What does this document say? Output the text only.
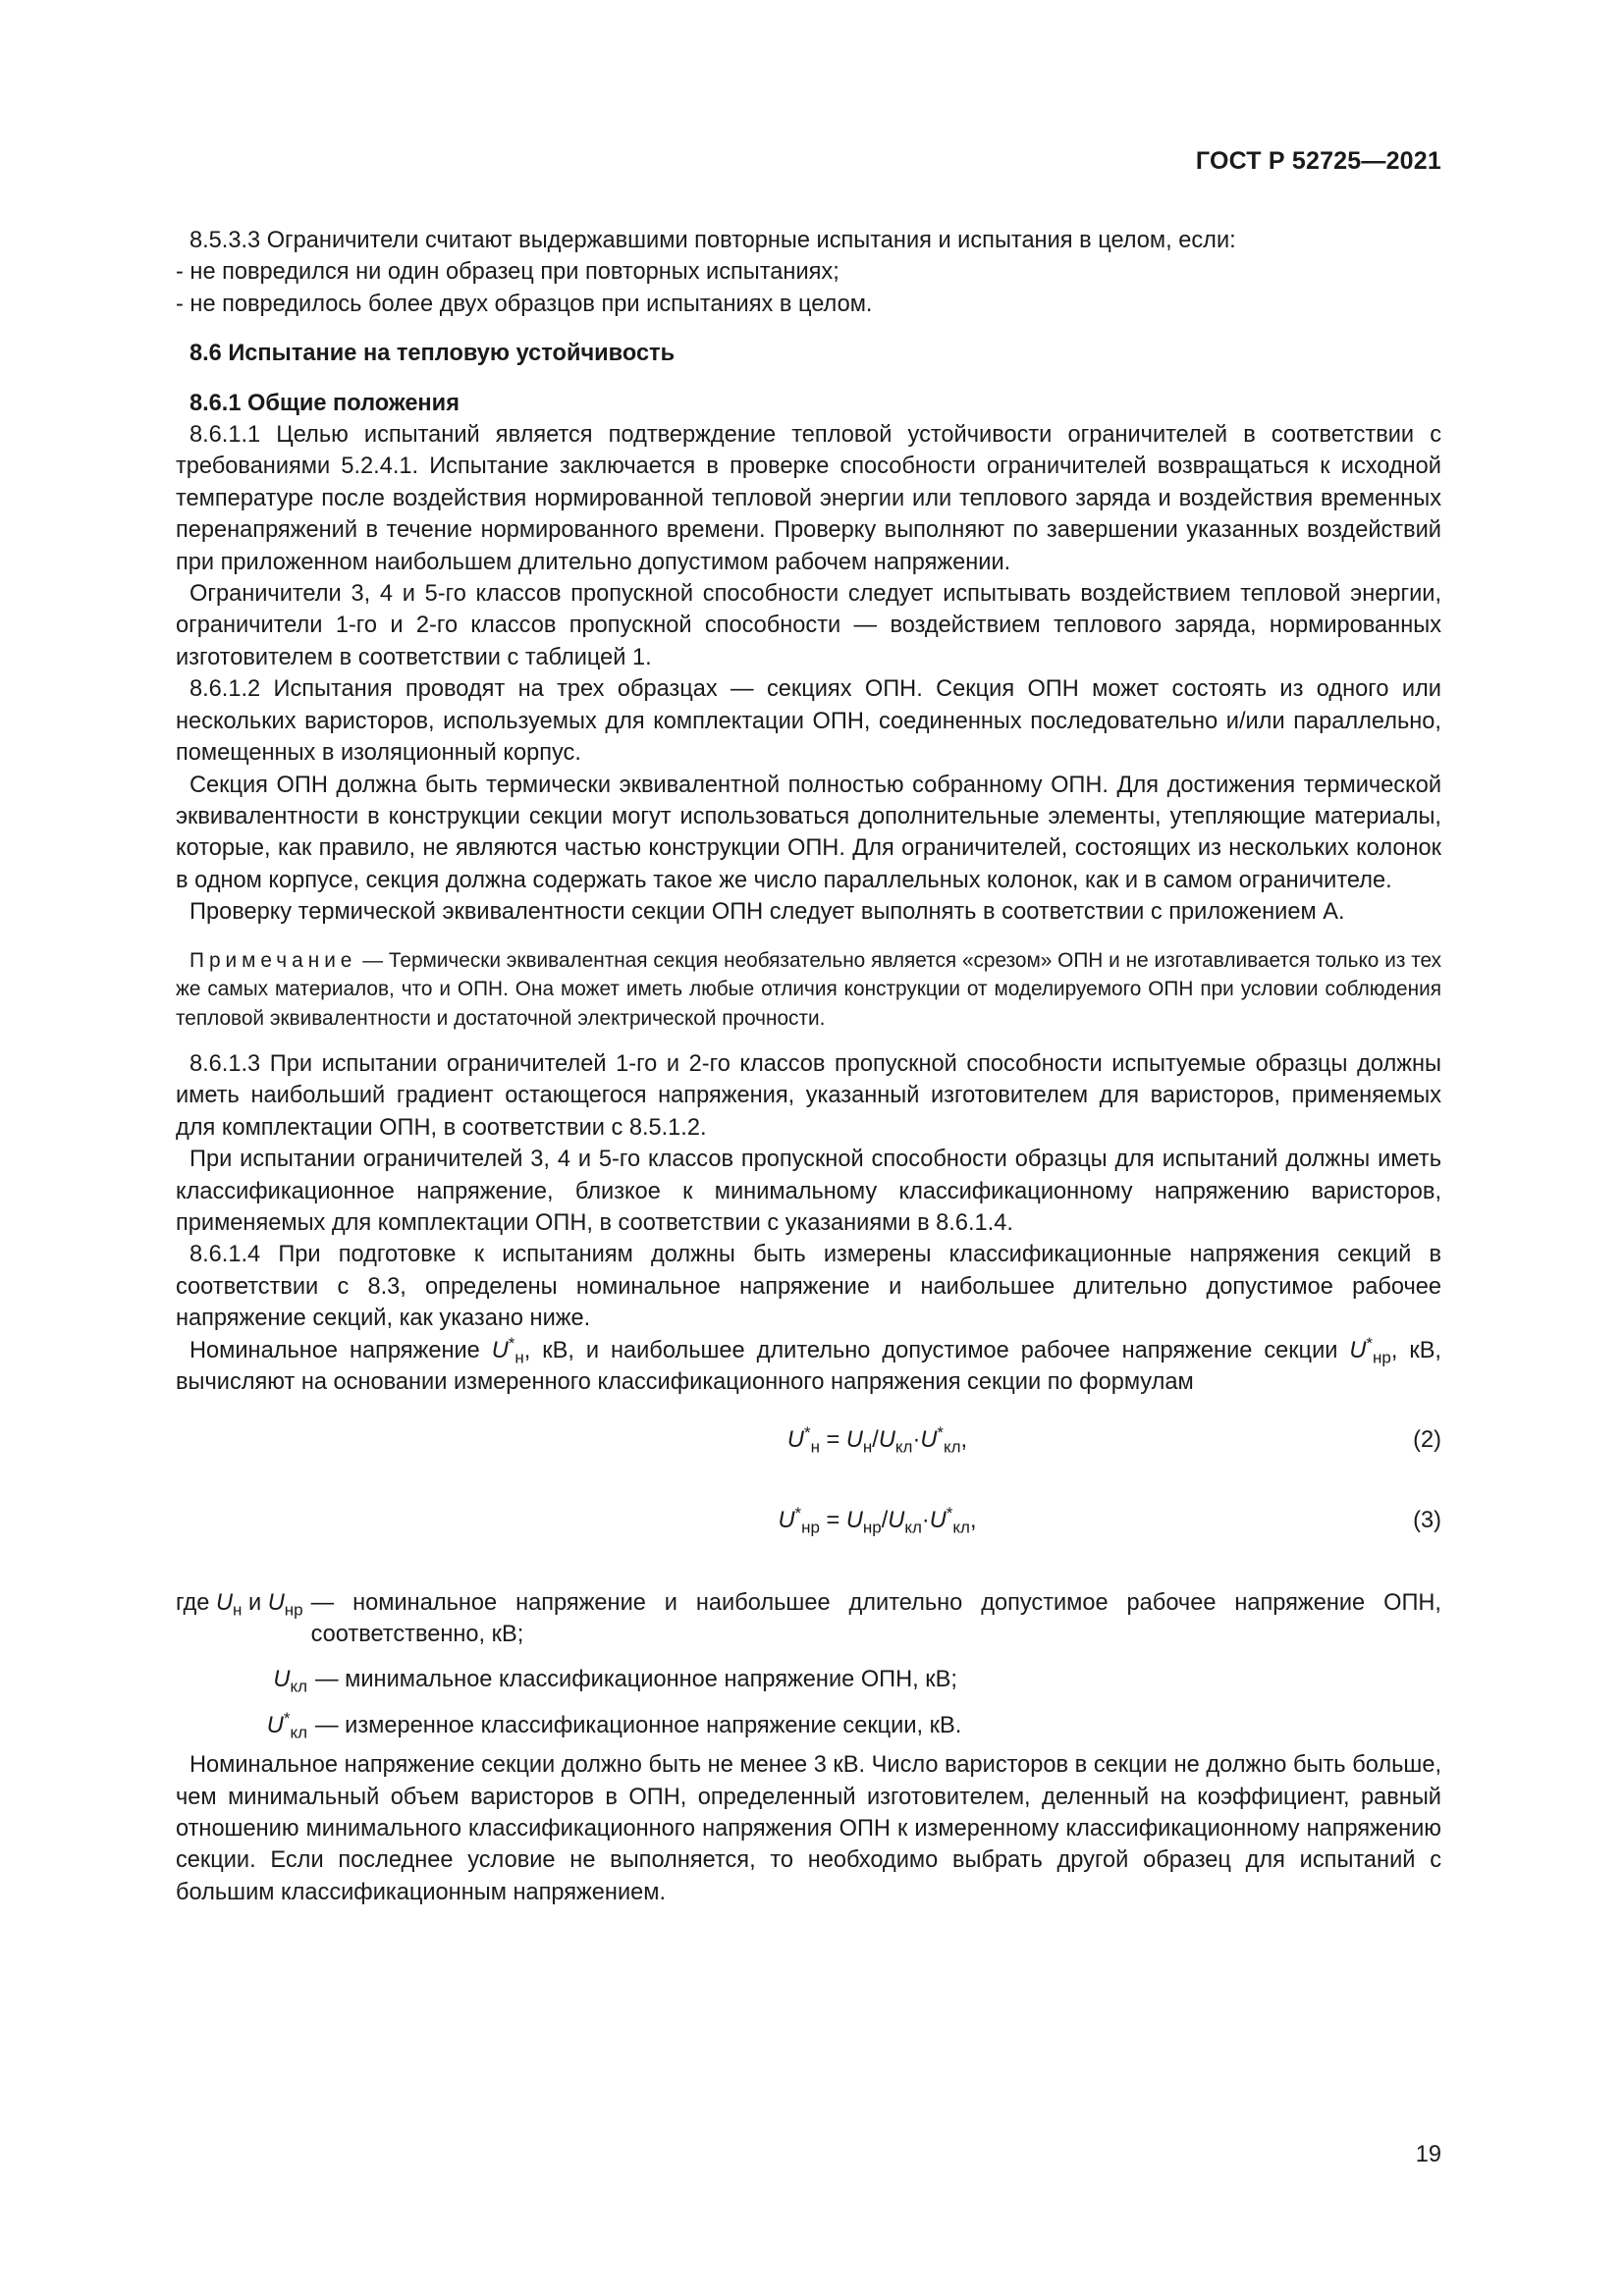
ГОСТ Р 52725—2021

8.5.3.3 Ограничители считают выдержавшими повторные испытания и испытания в целом, если:

- не повредился ни один образец при повторных испытаниях;

- не повредилось более двух образцов при испытаниях в целом.

8.6 Испытание на тепловую устойчивость

8.6.1 Общие положения

8.6.1.1 Целью испытаний является подтверждение тепловой устойчивости ограничителей в соответствии с требованиями 5.2.4.1. Испытание заключается в проверке способности ограничителей возвращаться к исходной температуре после воздействия нормированной тепловой энергии или теплового заряда и воздействия временных перенапряжений в течение нормированного времени. Проверку выполняют по завершении указанных воздействий при приложенном наибольшем длительно допустимом рабочем напряжении.

Ограничители 3, 4 и 5-го классов пропускной способности следует испытывать воздействием тепловой энергии, ограничители 1-го и 2-го классов пропускной способности — воздействием теплового заряда, нормированных изготовителем в соответствии с таблицей 1.

8.6.1.2 Испытания проводят на трех образцах — секциях ОПН. Секция ОПН может состоять из одного или нескольких варисторов, используемых для комплектации ОПН, соединенных последовательно и/или параллельно, помещенных в изоляционный корпус.

Секция ОПН должна быть термически эквивалентной полностью собранному ОПН. Для достижения термической эквивалентности в конструкции секции могут использоваться дополнительные элементы, утепляющие материалы, которые, как правило, не являются частью конструкции ОПН. Для ограничителей, состоящих из нескольких колонок в одном корпусе, секция должна содержать такое же число параллельных колонок, как и в самом ограничителе.

Проверку термической эквивалентности секции ОПН следует выполнять в соответствии с приложением А.

Примечание — Термически эквивалентная секция необязательно является «срезом» ОПН и не изготавливается только из тех же самых материалов, что и ОПН. Она может иметь любые отличия конструкции от моделируемого ОПН при условии соблюдения тепловой эквивалентности и достаточной электрической прочности.

8.6.1.3 При испытании ограничителей 1-го и 2-го классов пропускной способности испытуемые образцы должны иметь наибольший градиент остающегося напряжения, указанный изготовителем для варисторов, применяемых для комплектации ОПН, в соответствии с 8.5.1.2.

При испытании ограничителей 3, 4 и 5-го классов пропускной способности образцы для испытаний должны иметь классификационное напряжение, близкое к минимальному классификационному напряжению варисторов, применяемых для комплектации ОПН, в соответствии с указаниями в 8.6.1.4.

8.6.1.4 При подготовке к испытаниям должны быть измерены классификационные напряжения секций в соответствии с 8.3, определены номинальное напряжение и наибольшее длительно допустимое рабочее напряжение секций, как указано ниже.

Номинальное напряжение $U^*_н$, кВ, и наибольшее длительно допустимое рабочее напряжение секции $U^*_{нр}$, кВ, вычисляют на основании измеренного классификационного напряжения секции по формулам

$U^*_н = U_н/U_{кл}\cdot U^*_{кл}$,	(2)
$U^*_{нр} = U_{нр}/U_{кл}\cdot U^*_{кл}$,	(3)
где $U_н$ и $U_{нр}$ — номинальное напряжение и наибольшее длительно допустимое рабочее напряжение ОПН, соответственно, кВ;
$U_{кл}$ — минимальное классификационное напряжение ОПН, кВ;
$U^*_{кл}$ — измеренное классификационное напряжение секции, кВ.

Номинальное напряжение секции должно быть не менее 3 кВ. Число варисторов в секции не должно быть больше, чем минимальный объем варисторов в ОПН, определенный изготовителем, деленный на коэффициент, равный отношению минимального классификационного напряжения ОПН к измеренному классификационному напряжению секции. Если последнее условие не выполняется, то необходимо выбрать другой образец для испытаний с большим классификационным напряжением.

19
